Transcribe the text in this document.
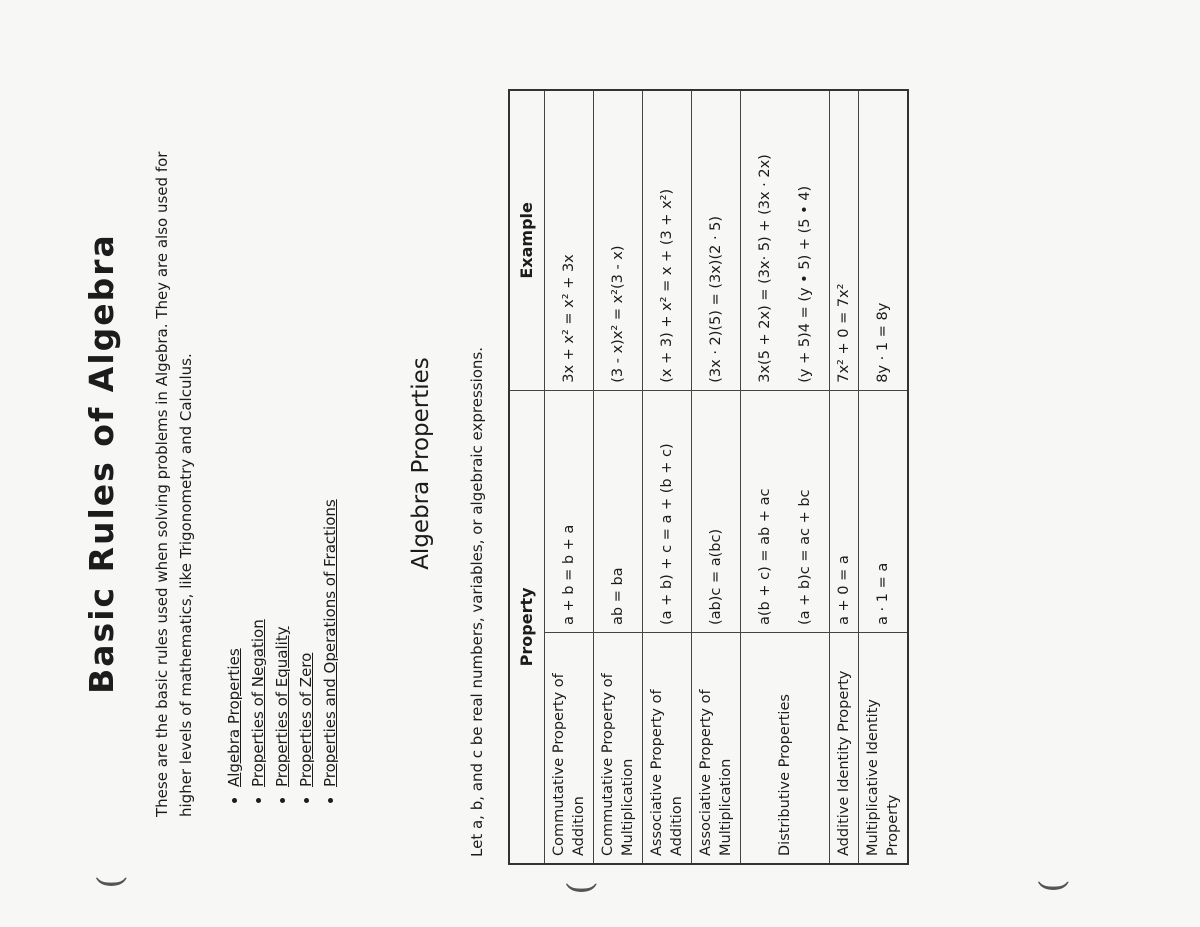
Basic Rules of Algebra These are the basic rules used when solving problems in Algebra. They are also used for higher levels of mathematics, like Trigonometry and Calculus. • Algebra Properties • Properties of Negation • Properties of Equality • Properties of Zero • Properties and Operations of Fractions
Algebra Properties Let a, b, and c be real numbers, variables, or algebraic expressions. Property		Example
Commutative Property of Addition	a + b = b + a	3x + x² = x² + 3x
Commutative Property of Multiplication	ab = ba	(3 - x)x² = x²(3 - x)
Associative Property of Addition	(a + b) + c = a + (b + c)	(x + 3) + x² = x + (3 + x²)
Associative Property of Multiplication	(ab)c = a(bc)	(3x · 2)(5) = (3x)(2 · 5)
Distributive Properties	a(b + c) = ab + ac (a + b)c = ac + bc	3x(5 + 2x) = (3x· 5) + (3x · 2x) (y + 5)4 = (y • 5) + (5 • 4)

Additive Identity Property	a + 0 = a	7x² + 0 = 7x²
Multiplicative Identity Property	a · 1 = a	8y · 1 = 8y
(	(	(
